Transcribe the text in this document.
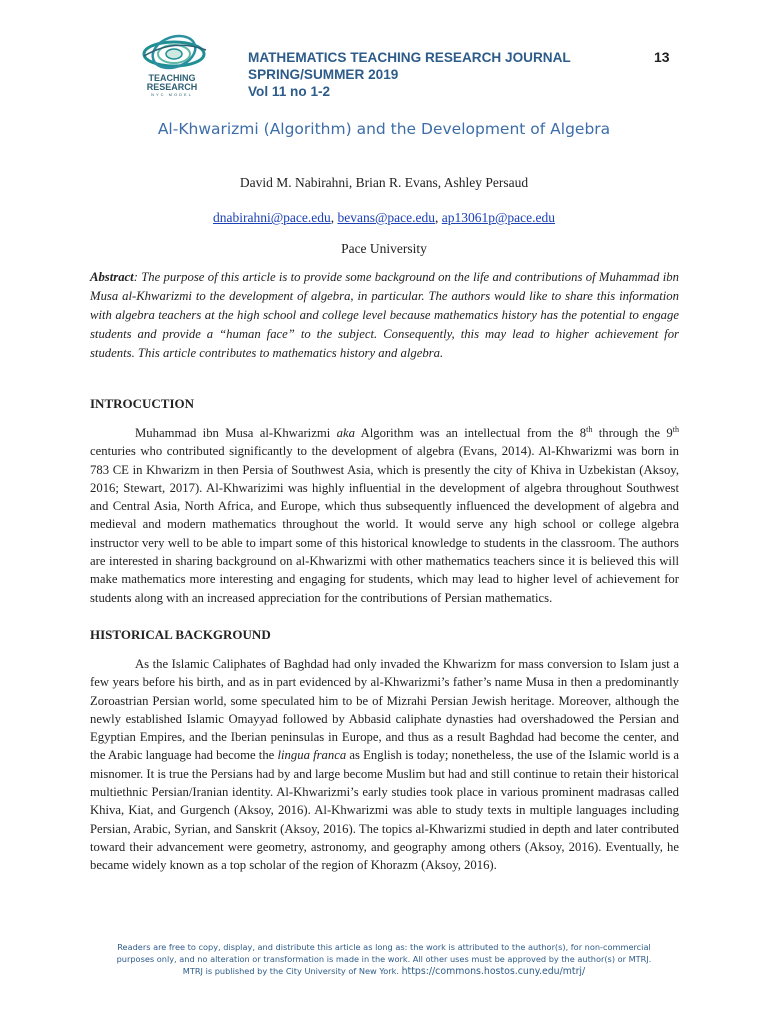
TEACHING
RESEARCH
NYC MODEL
MATHEMATICS TEACHING RESEARCH JOURNAL
SPRING/SUMMER 2019
Vol 11 no 1-2
13
Al-Khwarizmi (Algorithm) and the Development of Algebra
David M. Nabirahni, Brian R. Evans, Ashley Persaud
dnabirahni@pace.edu, bevans@pace.edu, ap13061p@pace.edu
Pace University
Abstract: The purpose of this article is to provide some background on the life and contributions of Muhammad ibn Musa al-Khwarizmi to the development of algebra, in particular. The authors would like to share this information with algebra teachers at the high school and college level because mathematics history has the potential to engage students and provide a “human face” to the subject. Consequently, this may lead to higher achievement for students. This article contributes to mathematics history and algebra.
INTROCUCTION
Muhammad ibn Musa al-Khwarizmi aka Algorithm was an intellectual from the 8th through the 9th centuries who contributed significantly to the development of algebra (Evans, 2014). Al-Khwarizmi was born in 783 CE in Khwarizm in then Persia of Southwest Asia, which is presently the city of Khiva in Uzbekistan (Aksoy, 2016; Stewart, 2017). Al-Khwarizimi was highly influential in the development of algebra throughout Southwest and Central Asia, North Africa, and Europe, which thus subsequently influenced the development of algebra and medieval and modern mathematics throughout the world. It would serve any high school or college algebra instructor very well to be able to impart some of this historical knowledge to students in the classroom. The authors are interested in sharing background on al-Khwarizmi with other mathematics teachers since it is believed this will make mathematics more interesting and engaging for students, which may lead to higher level of achievement for students along with an increased appreciation for the contributions of Persian mathematics.
HISTORICAL BACKGROUND
As the Islamic Caliphates of Baghdad had only invaded the Khwarizm for mass conversion to Islam just a few years before his birth, and as in part evidenced by al-Khwarizmi’s father’s name Musa in then a predominantly Zoroastrian Persian world, some speculated him to be of Mizrahi Persian Jewish heritage. Moreover, although the newly established Islamic Omayyad followed by Abbasid caliphate dynasties had overshadowed the Persian and Egyptian Empires, and the Iberian peninsulas in Europe, and thus as a result Baghdad had become the center, and the Arabic language had become the lingua franca as English is today; nonetheless, the use of the Islamic world is a misnomer. It is true the Persians had by and large become Muslim but had and still continue to retain their historical multiethnic Persian/Iranian identity. Al-Khwarizmi’s early studies took place in various prominent madrasas called Khiva, Kiat, and Gurgench (Aksoy, 2016). Al-Khwarizmi was able to study texts in multiple languages including Persian, Arabic, Syrian, and Sanskrit (Aksoy, 2016). The topics al-Khwarizmi studied in depth and later contributed toward their advancement were geometry, astronomy, and geography among others (Aksoy, 2016). Eventually, he became widely known as a top scholar of the region of Khorazm (Aksoy, 2016).
Readers are free to copy, display, and distribute this article as long as: the work is attributed to the author(s), for non-commercial
purposes only, and no alteration or transformation is made in the work. All other uses must be approved by the author(s) or MTRJ.
MTRJ is published by the City University of New York. https://commons.hostos.cuny.edu/mtrj/
